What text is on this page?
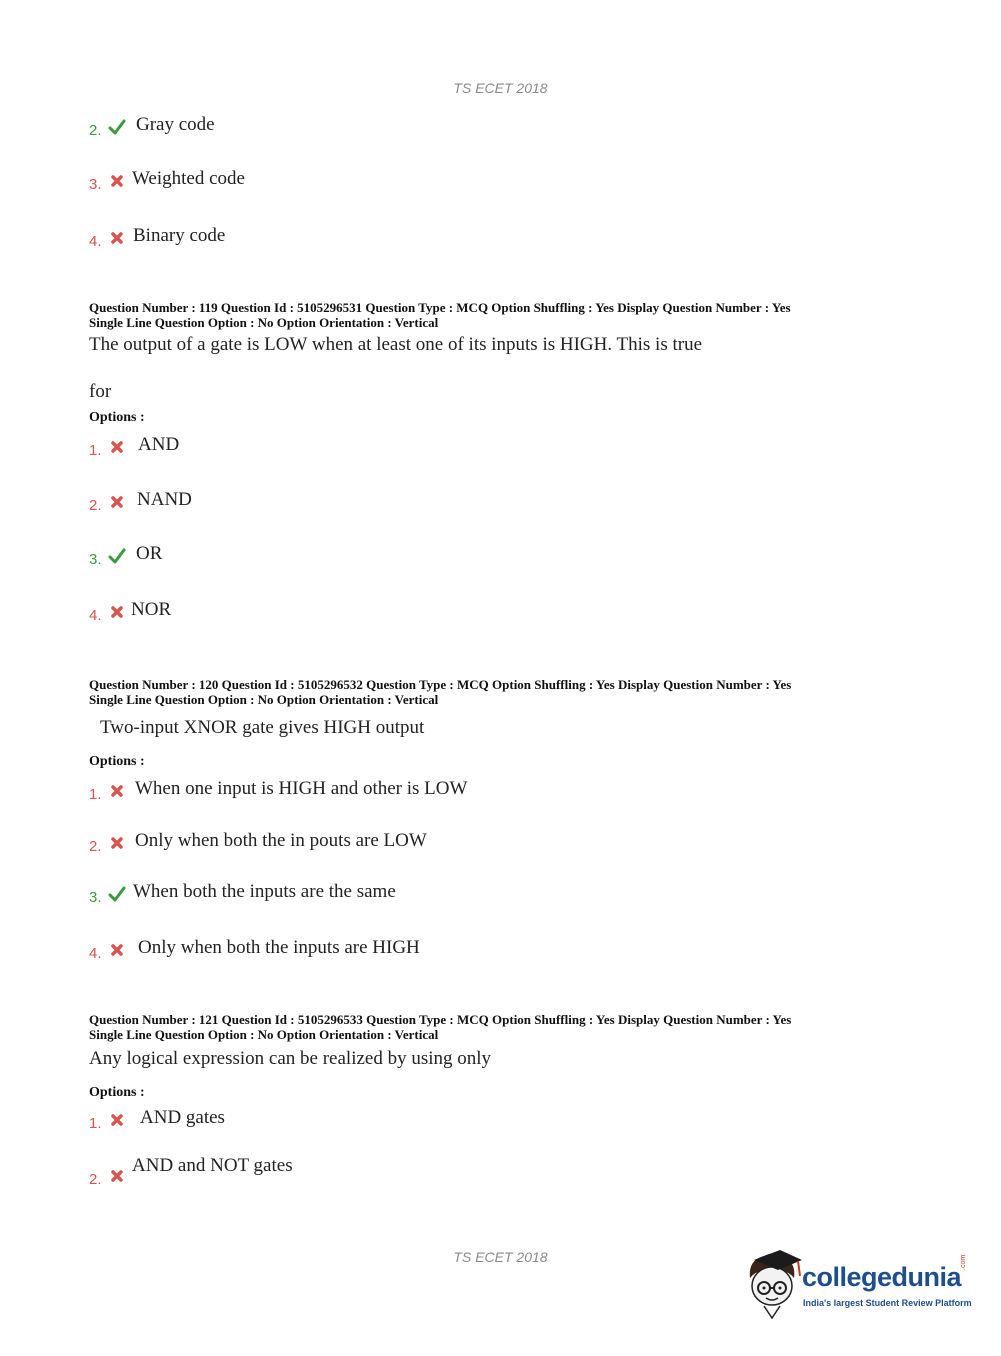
TS ECET 2018
2. Gray code
3. Weighted code
4. Binary code
Question Number : 119 Question Id : 5105296531 Question Type : MCQ Option Shuffling : Yes Display Question Number : Yes
Single Line Question Option : No Option Orientation : Vertical
The output of a gate is LOW when at least one of its inputs is HIGH. This is true
for
Options :
1. AND
2. NAND
3. OR
4. NOR
Question Number : 120 Question Id : 5105296532 Question Type : MCQ Option Shuffling : Yes Display Question Number : Yes
Single Line Question Option : No Option Orientation : Vertical
Two-input XNOR gate gives HIGH output
Options :
1. When one input is HIGH and other is LOW
2. Only when both the in pouts are LOW
3. When both the inputs are the same
4. Only when both the inputs are HIGH
Question Number : 121 Question Id : 5105296533 Question Type : MCQ Option Shuffling : Yes Display Question Number : Yes
Single Line Question Option : No Option Orientation : Vertical
Any logical expression can be realized by using only
Options :
1. AND gates
2.
AND and NOT gates
TS ECET 2018
collegedunia
.com
India's largest Student Review Platform
